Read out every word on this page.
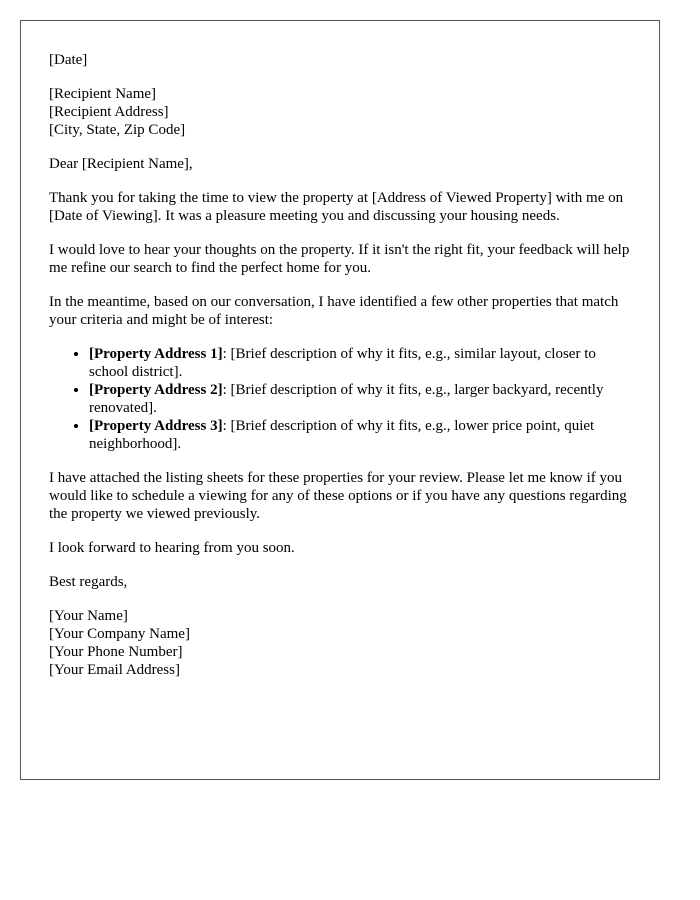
[Date]

[Recipient Name]
[Recipient Address]
[City, State, Zip Code]

Dear [Recipient Name],

Thank you for taking the time to view the property at [Address of Viewed Property] with me on [Date of Viewing]. It was a pleasure meeting you and discussing your housing needs.

I would love to hear your thoughts on the property. If it isn't the right fit, your feedback will help me refine our search to find the perfect home for you.

In the meantime, based on our conversation, I have identified a few other properties that match your criteria and might be of interest:

• [Property Address 1]: [Brief description of why it fits, e.g., similar layout, closer to school district].
• [Property Address 2]: [Brief description of why it fits, e.g., larger backyard, recently renovated].
• [Property Address 3]: [Brief description of why it fits, e.g., lower price point, quiet neighborhood].

I have attached the listing sheets for these properties for your review. Please let me know if you would like to schedule a viewing for any of these options or if you have any questions regarding the property we viewed previously.

I look forward to hearing from you soon.

Best regards,

[Your Name]
[Your Company Name]
[Your Phone Number]
[Your Email Address]
